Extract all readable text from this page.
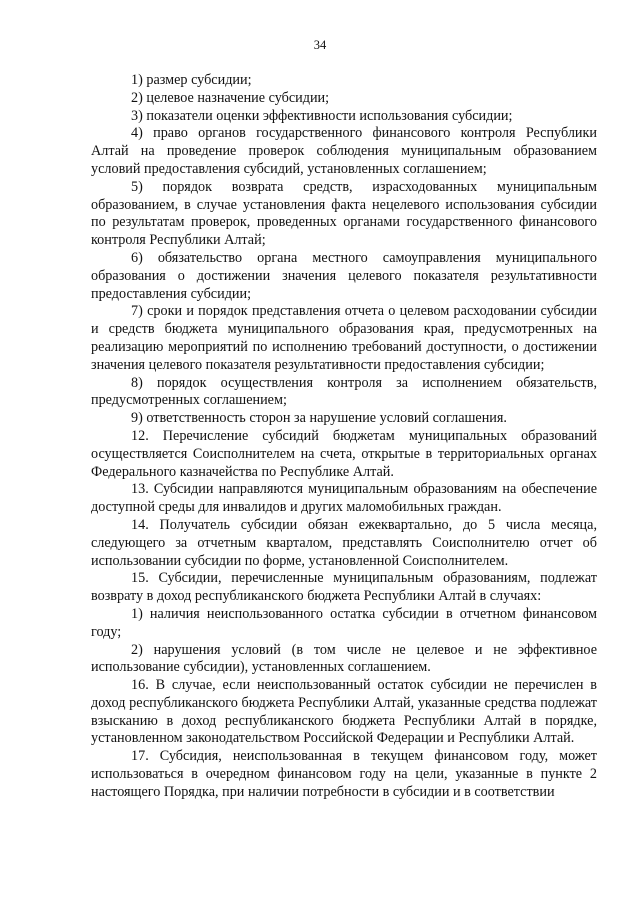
34

1) размер субсидии;

2) целевое назначение субсидии;

3) показатели оценки эффективности использования субсидии;

4) право органов государственного финансового контроля Республики Алтай на проведение проверок соблюдения муниципальным образованием условий предоставления субсидий, установленных соглашением;

5) порядок возврата средств, израсходованных муниципальным образованием, в случае установления факта нецелевого использования субсидии по результатам проверок, проведенных органами государственного финансового контроля Республики Алтай;

6) обязательство органа местного самоуправления муниципального образования о достижении значения целевого показателя результативности предоставления субсидии;

7) сроки и порядок представления отчета о целевом расходовании субсидии и средств бюджета муниципального образования края, предусмотренных на реализацию мероприятий по исполнению требований доступности, о достижении значения целевого показателя результативности предоставления субсидии;

8) порядок осуществления контроля за исполнением обязательств, предусмотренных соглашением;

9) ответственность сторон за нарушение условий соглашения.

12. Перечисление субсидий бюджетам муниципальных образований осуществляется Соисполнителем на счета, открытые в территориальных органах Федерального казначейства по Республике Алтай.

13. Субсидии направляются муниципальным образованиям на обеспечение доступной среды для инвалидов и других маломобильных граждан.

14. Получатель субсидии обязан ежеквартально, до 5 числа месяца, следующего за отчетным кварталом, представлять Соисполнителю отчет об использовании субсидии по форме, установленной Соисполнителем.

15. Субсидии, перечисленные муниципальным образованиям, подлежат возврату в доход республиканского бюджета Республики Алтай в случаях:

1) наличия неиспользованного остатка субсидии в отчетном финансовом году;

2) нарушения условий (в том числе не целевое и не эффективное использование субсидии), установленных соглашением.

16. В случае, если неиспользованный остаток субсидии не перечислен в доход республиканского бюджета Республики Алтай, указанные средства подлежат взысканию в доход республиканского бюджета Республики Алтай в порядке, установленном законодательством Российской Федерации и Республики Алтай.

17. Субсидия, неиспользованная в текущем финансовом году, может использоваться в очередном финансовом году на цели, указанные в пункте 2 настоящего Порядка, при наличии потребности в субсидии и в соответствии
